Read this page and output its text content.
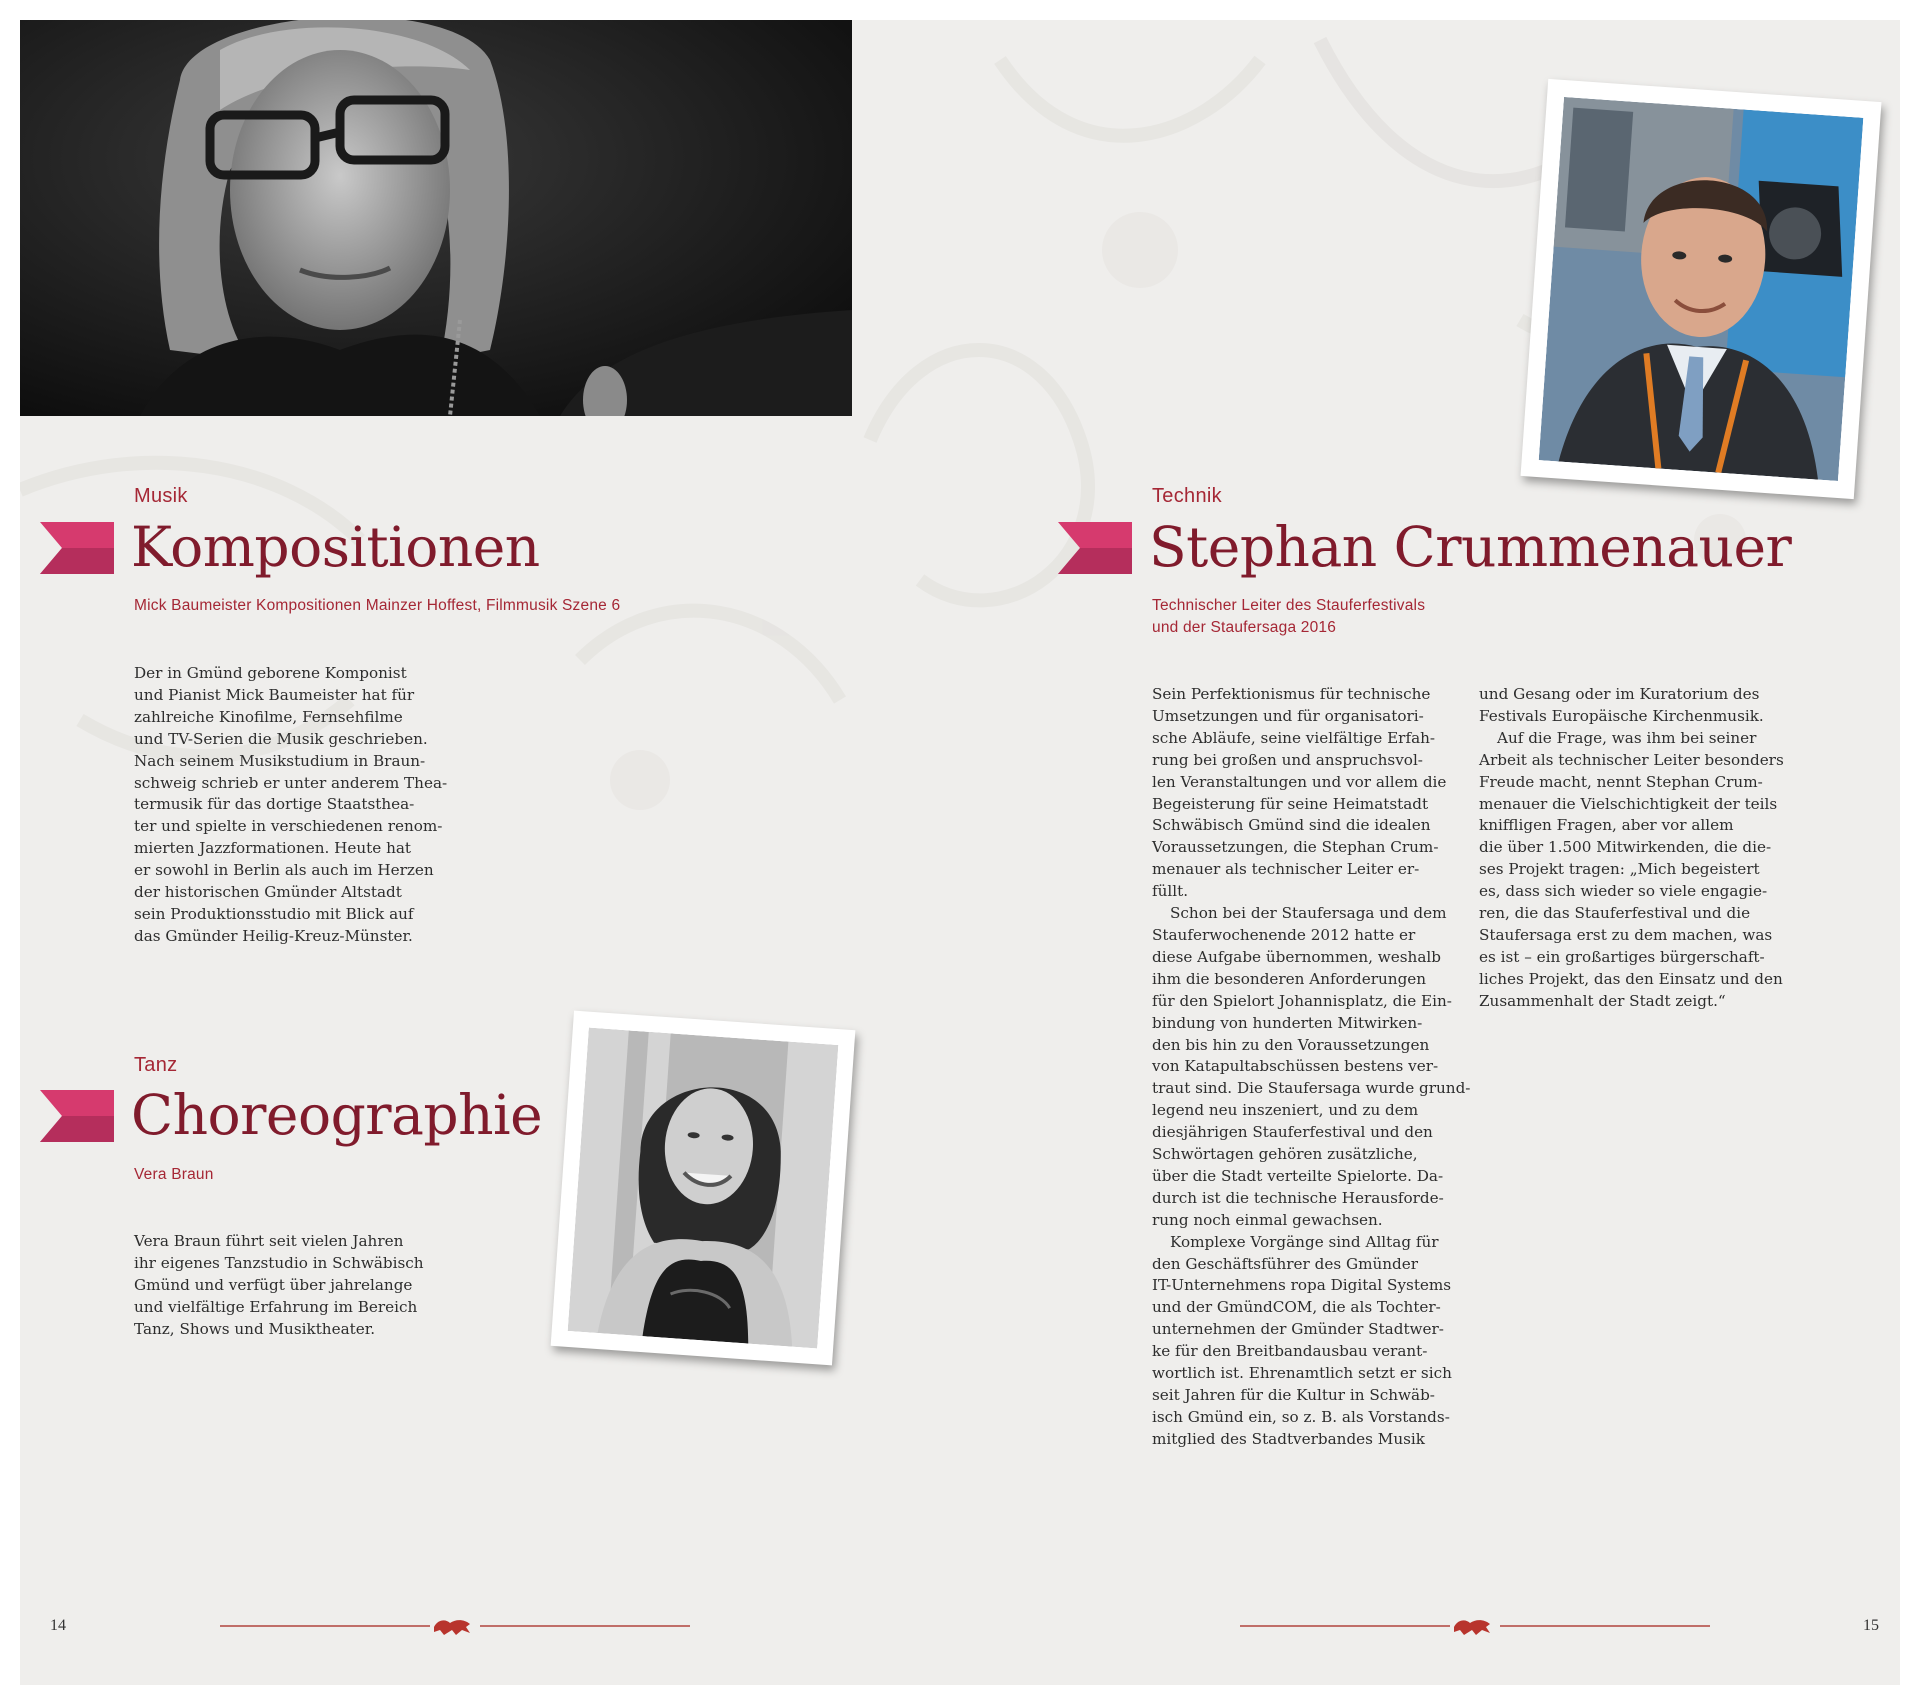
Musik
Kompositionen
Mick Baumeister Kompositionen Mainzer Hoffest, Filmmusik Szene 6
Der in Gmünd geborene Komponist
und Pianist Mick Baumeister hat für
zahlreiche Kinofilme, Fernsehfilme
und TV-Serien die Musik geschrieben.
Nach seinem Musikstudium in Braun-
schweig schrieb er unter anderem Thea-
termusik für das dortige Staatsthea-
ter und spielte in verschiedenen renom-
mierten Jazzformationen. Heute hat
er sowohl in Berlin als auch im Herzen
der historischen Gmünder Altstadt
sein Produktionsstudio mit Blick auf
das Gmünder Heilig-Kreuz-Münster.
Tanz
Choreographie
Vera Braun
Vera Braun führt seit vielen Jahren
ihr eigenes Tanzstudio in Schwäbisch
Gmünd und verfügt über jahrelange
und vielfältige Erfahrung im Bereich
Tanz, Shows und Musiktheater.
Technik
Stephan Crummenauer
Technischer Leiter des Stauferfestivals
und der Staufersaga 2016
Sein Perfektionismus für technische
Umsetzungen und für organisatori-
sche Abläufe, seine vielfältige Erfah-
rung bei großen und anspruchsvol-
len Veranstaltungen und vor allem die
Begeisterung für seine Heimatstadt
Schwäbisch Gmünd sind die idealen
Voraussetzungen, die Stephan Crum-
menauer als technischer Leiter er-
füllt.
Schon bei der Staufersaga und dem
Stauferwochenende 2012 hatte er
diese Aufgabe übernommen, weshalb
ihm die besonderen Anforderungen
für den Spielort Johannisplatz, die Ein-
bindung von hunderten Mitwirken-
den bis hin zu den Voraussetzungen
von Katapultabschüssen bestens ver-
traut sind. Die Staufersaga wurde grund-
legend neu inszeniert, und zu dem
diesjährigen Stauferfestival und den
Schwörtagen gehören zusätzliche,
über die Stadt verteilte Spielorte. Da-
durch ist die technische Herausforde-
rung noch einmal gewachsen.
Komplexe Vorgänge sind Alltag für
den Geschäftsführer des Gmünder
IT-Unternehmens ropa Digital Systems
und der GmündCOM, die als Tochter-
unternehmen der Gmünder Stadtwer-
ke für den Breitbandausbau verant-
wortlich ist. Ehrenamtlich setzt er sich
seit Jahren für die Kultur in Schwäb-
isch Gmünd ein, so z. B. als Vorstands-
mitglied des Stadtverbandes Musik
und Gesang oder im Kuratorium des
Festivals Europäische Kirchenmusik.
Auf die Frage, was ihm bei seiner
Arbeit als technischer Leiter besonders
Freude macht, nennt Stephan Crum-
menauer die Vielschichtigkeit der teils
kniffligen Fragen, aber vor allem
die über 1.500 Mitwirkenden, die die-
ses Projekt tragen: „Mich begeistert
es, dass sich wieder so viele engagie-
ren, die das Stauferfestival und die
Staufersaga erst zu dem machen, was
es ist – ein großartiges bürgerschaft-
liches Projekt, das den Einsatz und den
Zusammenhalt der Stadt zeigt.“
14	15
